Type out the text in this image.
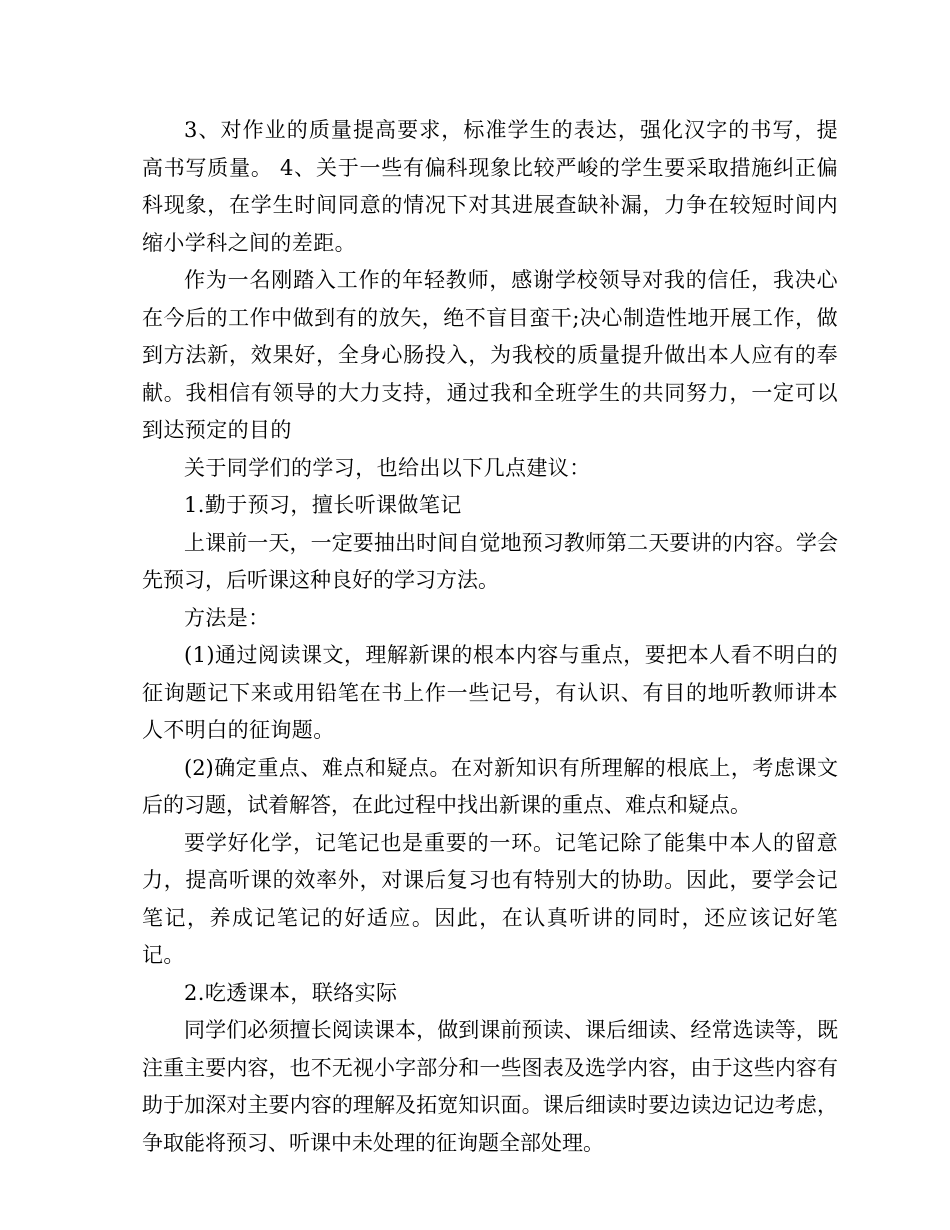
3、对作业的质量提高要求，标准学生的表达，强化汉字的书写，提高书写质量。 4、关于一些有偏科现象比较严峻的学生要采取措施纠正偏科现象，在学生时间同意的情况下对其进展查缺补漏，力争在较短时间内缩小学科之间的差距。

作为一名刚踏入工作的年轻教师，感谢学校领导对我的信任，我决心在今后的工作中做到有的放矢，绝不盲目蛮干;决心制造性地开展工作，做到方法新，效果好，全身心肠投入，为我校的质量提升做出本人应有的奉献。我相信有领导的大力支持，通过我和全班学生的共同努力，一定可以到达预定的目的

关于同学们的学习，也给出以下几点建议：

1.勤于预习，擅长听课做笔记

上课前一天，一定要抽出时间自觉地预习教师第二天要讲的内容。学会先预习，后听课这种良好的学习方法。

方法是：

(1)通过阅读课文，理解新课的根本内容与重点，要把本人看不明白的征询题记下来或用铅笔在书上作一些记号，有认识、有目的地听教师讲本人不明白的征询题。

(2)确定重点、难点和疑点。在对新知识有所理解的根底上，考虑课文后的习题，试着解答，在此过程中找出新课的重点、难点和疑点。

要学好化学，记笔记也是重要的一环。记笔记除了能集中本人的留意力，提高听课的效率外，对课后复习也有特别大的协助。因此，要学会记笔记，养成记笔记的好适应。因此，在认真听讲的同时，还应该记好笔记。

2.吃透课本，联络实际

同学们必须擅长阅读课本，做到课前预读、课后细读、经常选读等，既注重主要内容，也不无视小字部分和一些图表及选学内容，由于这些内容有助于加深对主要内容的理解及拓宽知识面。课后细读时要边读边记边考虑，争取能将预习、听课中未处理的征询题全部处理。
